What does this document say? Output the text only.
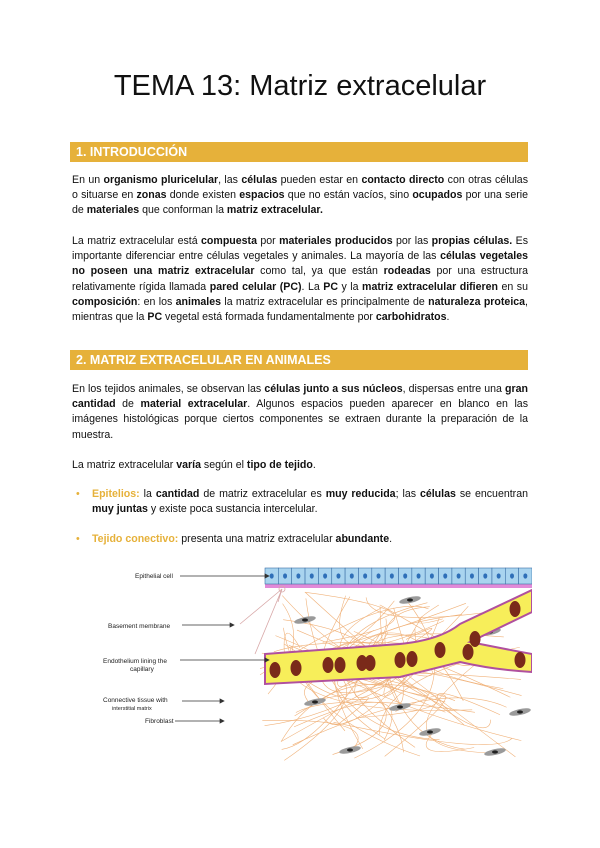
TEMA 13: Matriz extracelular
1. INTRODUCCIÓN

En un organismo pluricelular, las células pueden estar en contacto directo con otras células o situarse en zonas donde existen espacios que no están vacíos, sino ocupados por una serie de materiales que conforman la matriz extracelular.

La matriz extracelular está compuesta por materiales producidos por las propias células. Es importante diferenciar entre células vegetales y animales. La mayoría de las células vegetales no poseen una matriz extracelular como tal, ya que están rodeadas por una estructura relativamente rígida llamada pared celular (PC). La PC y la matriz extracelular difieren en su composición: en los animales la matriz extracelular es principalmente de naturaleza proteica, mientras que la PC vegetal está formada fundamentalmente por carbohidratos.

2. MATRIZ EXTRACELULAR EN ANIMALES

En los tejidos animales, se observan las células junto a sus núcleos, dispersas entre una gran cantidad de material extracelular. Algunos espacios pueden aparecer en blanco en las imágenes histológicas porque ciertos componentes se extraen durante la preparación de la muestra.

La matriz extracelular varía según el tipo de tejido.

• Epitelios: la cantidad de matriz extracelular es muy reducida; las células se encuentran muy juntas y existe poca sustancia intercelular.
• Tejido conectivo: presenta una matriz extracelular abundante.
Epithelial cell
Basement membrane
Endothelium lining the
capillary
Connective tissue with
interstitial matrix
Fibroblast
